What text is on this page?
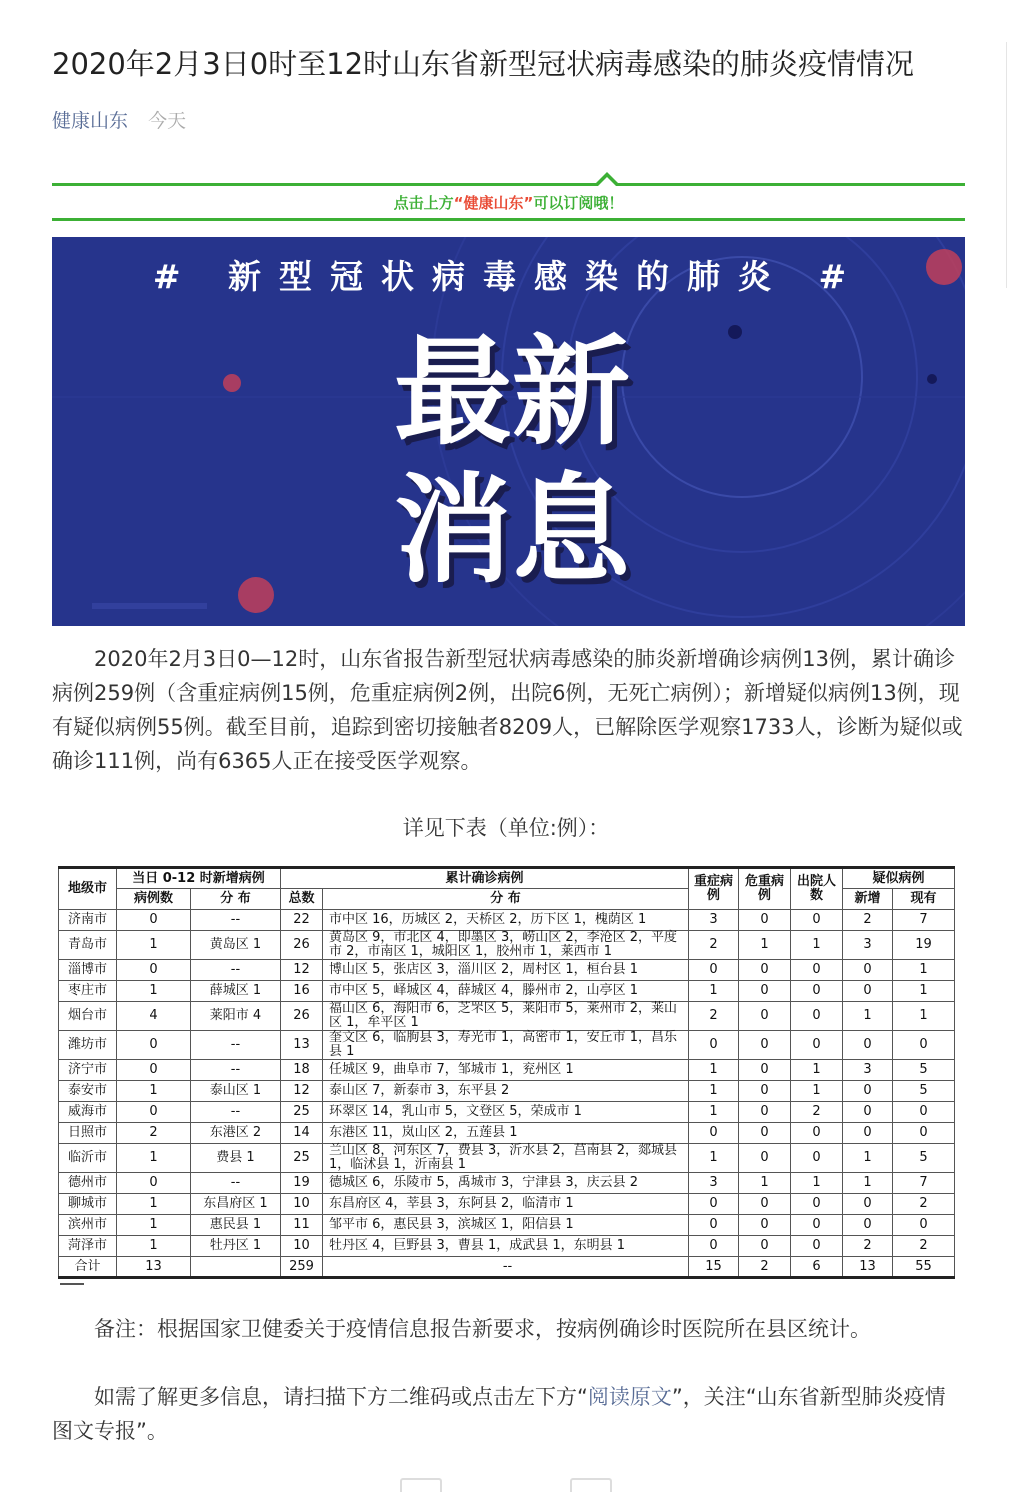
2020年2月3日0时至12时山东省新型冠状病毒感染的肺炎疫情情况
健康山东 今天
点击上方“健康山东”可以订阅哦！
# 新型冠状病毒感染的肺炎 #
最新
消息

2020年2月3日0—12时，山东省报告新型冠状病毒感染的肺炎新增确诊病例13例，累计确诊病例259例（含重症病例15例，危重症病例2例，出院6例，无死亡病例）；新增疑似病例13例，现有疑似病例55例。截至目前，追踪到密切接触者8209人，已解除医学观察1733人，诊断为疑似或确诊111例，尚有6365人正在接受医学观察。

详见下表（单位:例）：
地级市	当日 0-12 时新增病例		累计确诊病例		重症病例	危重病例	出院人数	疑似病例	
	病例数	分 布	总数	分 布				新增	现有
济南市	0	--	22	市中区 16，历城区 2，天桥区 2，历下区 1，槐荫区 1	3	0	0	2	7
青岛市	1	黄岛区 1	26	黄岛区 9，市北区 4，即墨区 3，崂山区 2，李沧区 2，平度市 2，市南区 1，城阳区 1，胶州市 1，莱西市 1	2	1	1	3	19
淄博市	0	--	12	博山区 5，张店区 3，淄川区 2，周村区 1，桓台县 1	0	0	0	0	1
枣庄市	1	薛城区 1	16	市中区 5，峄城区 4，薛城区 4，滕州市 2，山亭区 1	1	0	0	0	1
烟台市	4	莱阳市 4	26	福山区 6，海阳市 6，芝罘区 5，莱阳市 5，莱州市 2，莱山区 1，牟平区 1	2	0	0	1	1
潍坊市	0	--	13	奎文区 6，临朐县 3，寿光市 1，高密市 1，安丘市 1，昌乐县 1	0	0	0	0	0
济宁市	0	--	18	任城区 9，曲阜市 7，邹城市 1，兖州区 1	1	0	1	3	5
泰安市	1	泰山区 1	12	泰山区 7，新泰市 3，东平县 2	1	0	1	0	5
威海市	0	--	25	环翠区 14，乳山市 5，文登区 5，荣成市 1	1	0	2	0	0
日照市	2	东港区 2	14	东港区 11，岚山区 2，五莲县 1	0	0	0	0	0
临沂市	1	费县 1	25	兰山区 8，河东区 7，费县 3，沂水县 2，莒南县 2，郯城县 1，临沭县 1，沂南县 1	1	0	0	1	5
德州市	0	--	19	德城区 6，乐陵市 5，禹城市 3，宁津县 3，庆云县 2	3	1	1	1	7
聊城市	1	东昌府区 1	10	东昌府区 4，莘县 3，东阿县 2，临清市 1	0	0	0	0	2
滨州市	1	惠民县 1	11	邹平市 6，惠民县 3，滨城区 1，阳信县 1	0	0	0	0	0
菏泽市	1	牡丹区 1	10	牡丹区 4，巨野县 3，曹县 1，成武县 1，东明县 1	0	0	0	2	2
合计	13		259	--	15	2	6	13	55

备注：根据国家卫健委关于疫情信息报告新要求，按病例确诊时医院所在县区统计。

如需了解更多信息，请扫描下方二维码或点击左下方“阅读原文”，关注“山东省新型肺炎疫情图文专报”。
